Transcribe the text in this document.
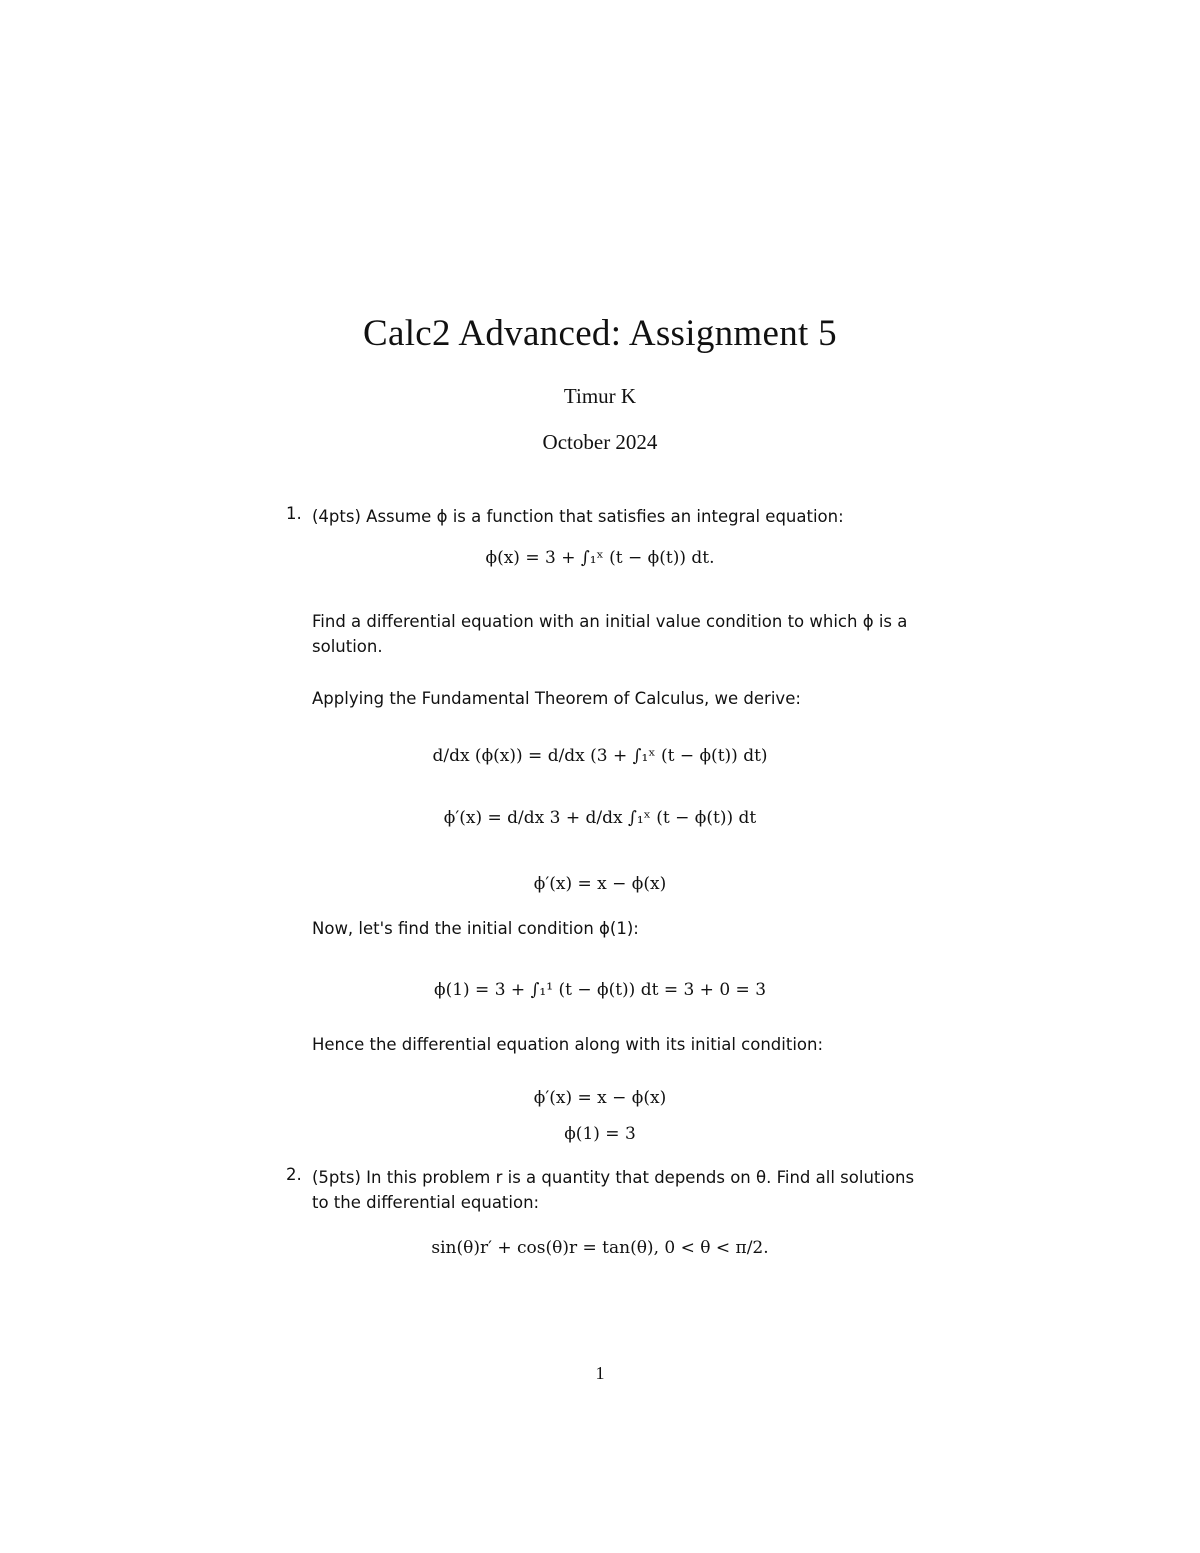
Calc2 Advanced: Assignment 5
Timur K
October 2024
1. (4pts) Assume ϕ is a function that satisfies an integral equation:
ϕ(x) = 3 + ∫₁ˣ (t − ϕ(t)) dt.
Find a differential equation with an initial value condition to which ϕ is a
solution.
Applying the Fundamental Theorem of Calculus, we derive:
d/dx (ϕ(x)) = d/dx (3 + ∫₁ˣ (t − ϕ(t)) dt)
ϕ′(x) = d/dx 3 + d/dx ∫₁ˣ (t − ϕ(t)) dt
ϕ′(x) = x − ϕ(x)
Now, let's find the initial condition ϕ(1):
ϕ(1) = 3 + ∫₁¹ (t − ϕ(t)) dt = 3 + 0 = 3
Hence the differential equation along with its initial condition:
ϕ′(x) = x − ϕ(x)
ϕ(1) = 3
2. (5pts) In this problem r is a quantity that depends on θ. Find all solutions
to the differential equation:
sin(θ)r′ + cos(θ)r = tan(θ), 0 < θ < π/2.
1
